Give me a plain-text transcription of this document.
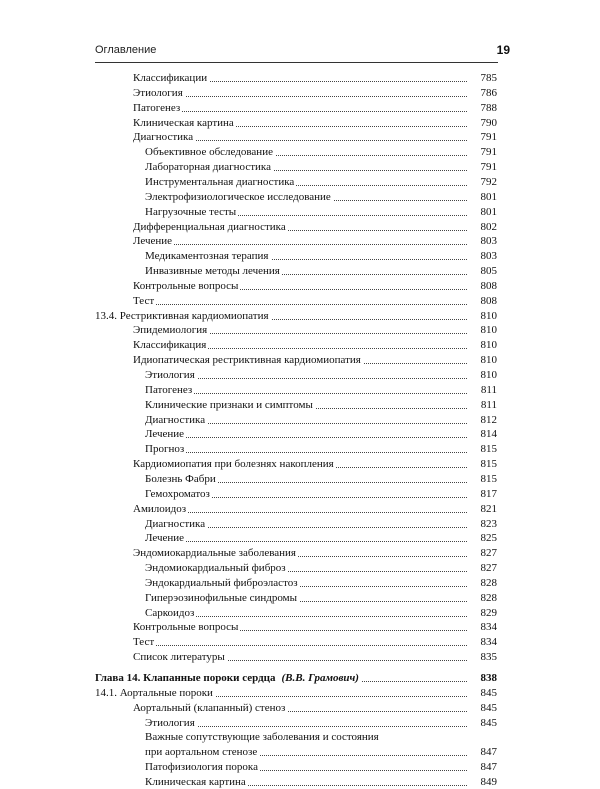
Оглавление	19
Классификации	785
Этиология	786
Патогенез	788
Клиническая картина	790
Диагностика	791
Объективное обследование	791
Лабораторная диагностика	791
Инструментальная диагностика	792
Электрофизиологическое исследование	801
Нагрузочные тесты	801
Дифференциальная диагностика	802
Лечение	803
Медикаментозная терапия	803
Инвазивные методы лечения	805
Контрольные вопросы	808
Тест	808
13.4. Рестриктивная кардиомиопатия	810
Эпидемиология	810
Классификация	810
Идиопатическая рестриктивная кардиомиопатия	810
Этиология	810
Патогенез	811
Клинические признаки и симптомы	811
Диагностика	812
Лечение	814
Прогноз	815
Кардиомиопатия при болезнях накопления	815
Болезнь Фабри	815
Гемохроматоз	817
Амилоидоз	821
Диагностика	823
Лечение	825
Эндомиокардиальные заболевания	827
Эндомиокардиальный фиброз	827
Эндокардиальный фиброэластоз	828
Гиперэозинофильные синдромы	828
Саркоидоз	829
Контрольные вопросы	834
Тест	834
Список литературы	835
Глава 14. Клапанные пороки сердца (В.В. Грамович)	838
14.1. Аортальные пороки	845
Аортальный (клапанный) стеноз	845
Этиология	845
Важные сопутствующие заболевания и состояния
при аортальном стенозе	847
Патофизиология порока	847
Клиническая картина	849
